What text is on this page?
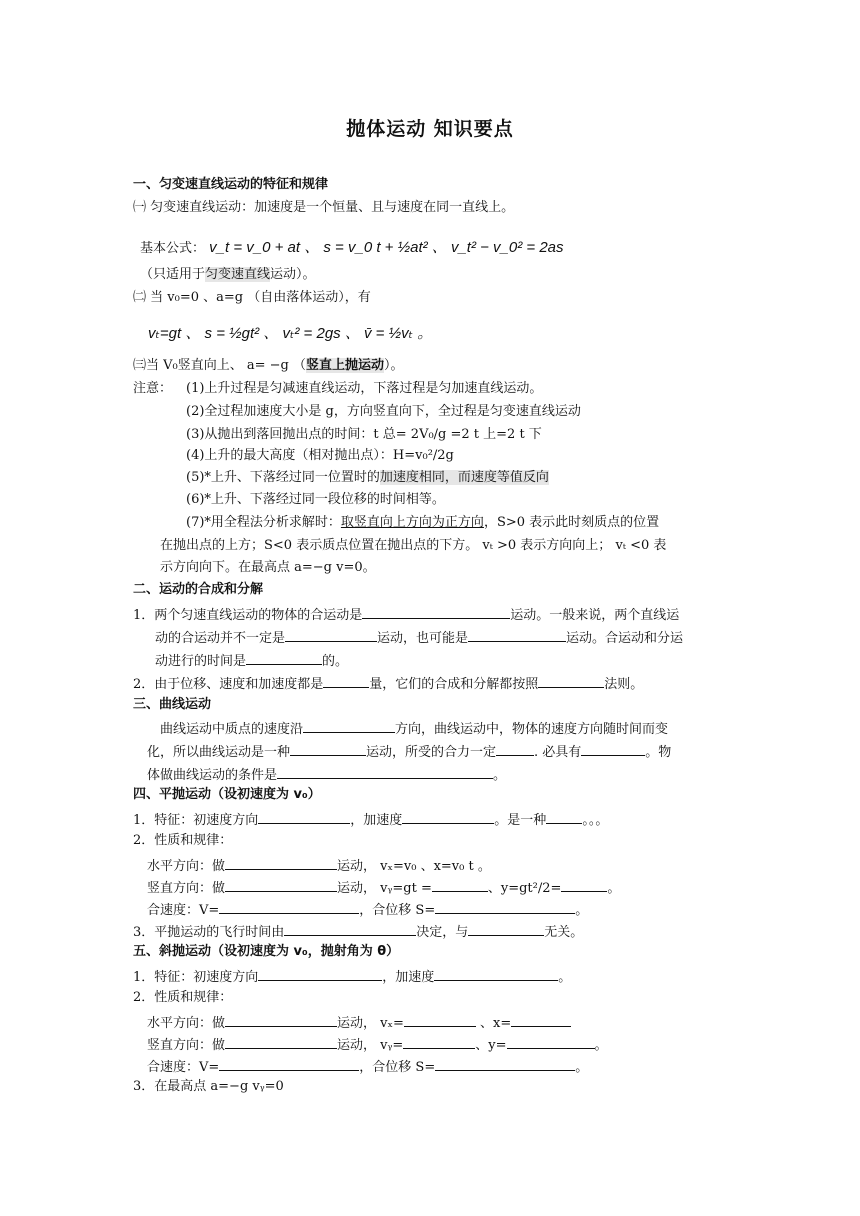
抛体运动 知识要点
一、匀变速直线运动的特征和规律
㈠ 匀变速直线运动：加速度是一个恒量、且与速度在同一直线上。
基本公式： v_t = v_0 + at 、 s = v_0 t + ½at² 、 v_t² − v_0² = 2as
（只适用于匀变速直线运动）。
㈡ 当 v₀=0 、a=g （自由落体运动），有
vₜ=gt 、 s = ½gt² 、 vₜ² = 2gs 、 v̄ = ½vₜ 。
㈢当 V₀竖直向上、 a= −g （竖直上抛运动）。
注意： (1)上升过程是匀减速直线运动，下落过程是匀加速直线运动。
(2)全过程加速度大小是 g，方向竖直向下，全过程是匀变速直线运动
(3)从抛出到落回抛出点的时间：t 总= 2V₀/g =2 t 上=2 t 下
(4)上升的最大高度（相对抛出点）：H=v₀²/2g
(5)*上升、下落经过同一位置时的加速度相同，而速度等值反向
(6)*上升、下落经过同一段位移的时间相等。
(7)*用全程法分析求解时：取竖直向上方向为正方向，S>0 表示此时刻质点的位置
在抛出点的上方；S<0 表示质点位置在抛出点的下方。 vₜ >0 表示方向向上； vₜ <0 表
示方向向下。在最高点 a=−g v=0。
二、运动的合成和分解
1．两个匀速直线运动的物体的合运动是	运动。一般来说，两个直线运
动的合运动并不一定是	运动，也可能是	运动。合运动和分运
动进行的时间是	的。
2．由于位移、速度和加速度都是	量，它们的合成和分解都按照	法则。
三、曲线运动
曲线运动中质点的速度沿	方向，曲线运动中，物体的速度方向随时间而变
化，所以曲线运动是一种	运动，所受的合力一定	. 必具有	。物
体做曲线运动的条件是	。
四、平抛运动（设初速度为 v₀）
1．特征：初速度方向	，加速度	。是一种	。。。
2．性质和规律：
水平方向：做	运动， vₓ=v₀ 、x=v₀ t 。
竖直方向：做	运动， vᵧ=gt =	、y=gt²/2=	。
合速度：V=	，合位移 S=	。
3．平抛运动的飞行时间由	决定，与	无关。
五、斜抛运动（设初速度为 v₀，抛射角为 θ）
1．特征：初速度方向	，加速度	。
2．性质和规律：
水平方向：做	运动， vₓ=	、x=
竖直方向：做	运动， vᵧ=	、y=	。
合速度：V=	，合位移 S=	。
3．在最高点 a=−g vᵧ=0
